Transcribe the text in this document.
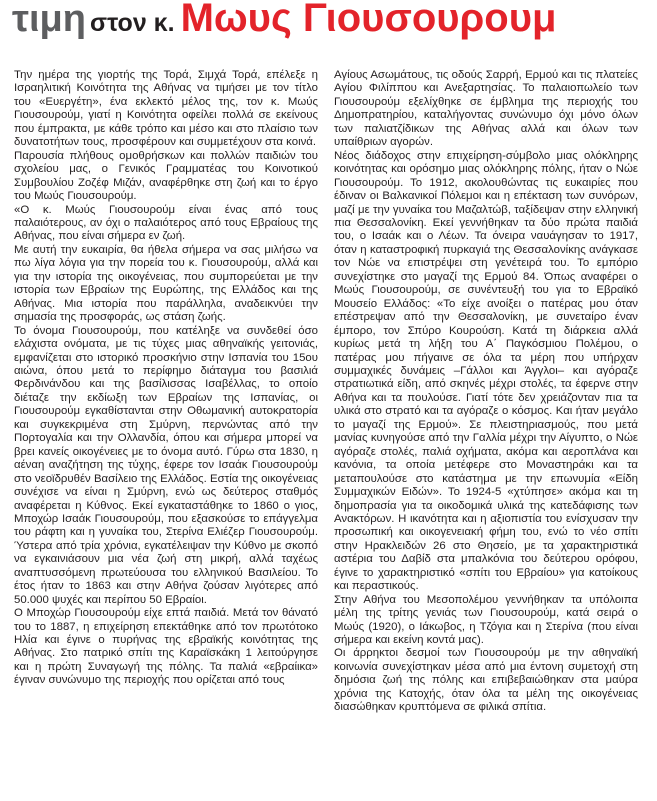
τιμη στον κ. Μωυς Γιουσουρουμ

Την ημέρα της γιορτής της Τορά, Σιμχά Τορά, επέλεξε η Ισραηλιτική Κοινότητα της Αθήνας να τιμήσει με τον τίτλο του «Ευεργέτη», ένα εκλεκτό μέλος της, τον κ. Μωύς Γιουσουρούμ, γιατί η Κοινότητα οφείλει πολλά σε εκείνους που έμπρακτα, με κάθε τρόπο και μέσο και στο πλαίσιο των δυνατοτήτων τους, προσφέρουν και συμμετέχουν στα κοινά.

Παρουσία πλήθους ομοθρήσκων και πολλών παιδιών του σχολείου μας, ο Γενικός Γραμματέας του Κοινοτικού Συμβουλίου Ζοζέφ Μιζάν, αναφέρθηκε στη ζωή και το έργο του Μωύς Γιουσουρούμ.

«Ο κ. Μωύς Γιουσουρούμ είναι ένας από τους παλαιότερους, αν όχι ο παλαιότερος από τους Εβραίους της Αθήνας, που είναι σήμερα εν ζωή.

Με αυτή την ευκαιρία, θα ήθελα σήμερα να σας μιλήσω να πω λίγα λόγια για την πορεία του κ. Γιουσουρούμ, αλλά και για την ιστορία της οικογένειας, που συμπορεύεται με την ιστορία των Εβραίων της Ευρώπης, της Ελλάδος και της Αθήνας. Μια ιστορία που παράλληλα, αναδεικνύει την σημασία της προσφοράς, ως στάση ζωής.

Το όνομα Γιουσουρούμ, που κατέληξε να συνδεθεί όσο ελάχιστα ονόματα, με τις τύχες μιας αθηναϊκής γειτονιάς, εμφανίζεται στο ιστορικό προσκήνιο στην Ισπανία του 15ου αιώνα, όπου μετά το περίφημο διάταγμα του βασιλιά Φερδινάνδου και της βασίλισσας Ισαβέλλας, το οποίο διέταζε την εκδίωξη των Εβραίων της Ισπανίας, οι Γιουσουρούμ εγκαθίστανται στην Οθωμανική αυτοκρατορία και συγκεκριμένα στη Σμύρνη, περνώντας από την Πορτογαλία και την Ολλανδία, όπου και σήμερα μπορεί να βρει κανείς οικογένειες με το όνομα αυτό. Γύρω στα 1830, η αέναη αναζήτηση της τύχης, έφερε τον Ισαάκ Γιουσουρούμ στο νεοϊδρυθέν Βασίλειο της Ελλάδος. Εστία της οικογένειας συνέχισε να είναι η Σμύρνη, ενώ ως δεύτερος σταθμός αναφέρεται η Κύθνος. Εκεί εγκαταστάθηκε το 1860 ο γιος, Μποχώρ Ισαάκ Γιουσουρούμ, που εξασκούσε το επάγγελμα του ράφτη και η γυναίκα του, Στερίνα Ελιέζερ Γιουσουρούμ. Ύστερα από τρία χρόνια, εγκατέλειψαν την Κύθνο με σκοπό να εγκαινιάσουν μια νέα ζωή στη μικρή, αλλά ταχέως αναπτυσσόμενη πρωτεύουσα του ελληνικού Βασιλείου. Το έτος ήταν το 1863 και στην Αθήνα ζούσαν λιγότερες από 50.000 ψυχές και περίπου 50 Εβραίοι.

Ο Μποχώρ Γιουσουρούμ είχε επτά παιδιά. Μετά τον θάνατό του το 1887, η επιχείρηση επεκτάθηκε από τον πρωτότοκο Ηλία και έγινε ο πυρήνας της εβραϊκής κοινότητας της Αθήνας. Στο πατρικό σπίτι της Καραϊσκάκη 1 λειτούργησε και η πρώτη Συναγωγή της πόλης. Τα παλιά «εβραίικα» έγιναν συνώνυμο της περιοχής που ορίζεται από τους

Αγίους Ασωμάτους, τις οδούς Σαρρή, Ερμού και τις πλατείες Αγίου Φιλίππου και Ανεξαρτησίας. Το παλαιοπωλείο των Γιουσουρούμ εξελίχθηκε σε έμβλημα της περιοχής του Δημοπρατηρίου, καταλήγοντας συνώνυμο όχι μόνο όλων των παλιατζίδικων της Αθήνας αλλά και όλων των υπαίθριων αγορών.

Νέος διάδοχος στην επιχείρηση-σύμβολο μιας ολόκληρης κοινότητας και ορόσημο μιας ολόκληρης πόλης, ήταν ο Νώε Γιουσουρούμ. Το 1912, ακολουθώντας τις ευκαιρίες που έδιναν οι Βαλκανικοί Πόλεμοι και η επέκταση των συνόρων, μαζί με την γυναίκα του Μαζαλτώβ, ταξίδεψαν στην ελληνική πια Θεσσαλονίκη. Εκεί γεννήθηκαν τα δύο πρώτα παιδιά του, ο Ισαάκ και ο Λέων. Τα όνειρα ναυάγησαν το 1917, όταν η καταστροφική πυρκαγιά της Θεσσαλονίκης ανάγκασε τον Νώε να επιστρέψει στη γενέτειρά του. Το εμπόριο συνεχίστηκε στο μαγαζί της Ερμού 84. Όπως αναφέρει ο Μωύς Γιουσουρούμ, σε συνέντευξή του για το Εβραϊκό Μουσείο Ελλάδος: «Το είχε ανοίξει ο πατέρας μου όταν επέστρεψαν από την Θεσσαλονίκη, με συνεταίρο έναν έμπορο, τον Σπύρο Κουρούση. Κατά τη διάρκεια αλλά κυρίως μετά τη λήξη του Α΄ Παγκόσμιου Πολέμου, ο πατέρας μου πήγαινε σε όλα τα μέρη που υπήρχαν συμμαχικές δυνάμεις –Γάλλοι και Άγγλοι– και αγόραζε στρατιωτικά είδη, από σκηνές μέχρι στολές, τα έφερνε στην Αθήνα και τα πουλούσε. Γιατί τότε δεν χρειάζονταν πια τα υλικά στο στρατό και τα αγόραζε ο κόσμος. Και ήταν μεγάλο το μαγαζί της Ερμού». Σε πλειστηριασμούς, που μετά μανίας κυνηγούσε από την Γαλλία μέχρι την Αίγυπτο, ο Νώε αγόραζε στολές, παλιά οχήματα, ακόμα και αεροπλάνα και κανόνια, τα οποία μετέφερε στο Μοναστηράκι και τα μεταπουλούσε στο κατάστημα με την επωνυμία «Είδη Συμμαχικών Ειδών». Το 1924-5 «χτύπησε» ακόμα και τη δημοπρασία για τα οικοδομικά υλικά της κατεδάφισης των Ανακτόρων. Η ικανότητα και η αξιοπιστία του ενίσχυσαν την προσωπική και οικογενειακή φήμη του, ενώ το νέο σπίτι στην Ηρακλειδών 26 στο Θησείο, με τα χαρακτηριστικά αστέρια του Δαβίδ στα μπαλκόνια του δεύτερου ορόφου, έγινε το χαρακτηριστικό «σπίτι του Εβραίου» για κατοίκους και περαστικούς.

Στην Αθήνα του Μεσοπολέμου γεννήθηκαν τα υπόλοιπα μέλη της τρίτης γενιάς των Γιουσουρούμ, κατά σειρά ο Μωύς (1920), ο Ιάκωβος, η Τζόγια και η Στερίνα (που είναι σήμερα και εκείνη κοντά μας).

Οι άρρηκτοι δεσμοί των Γιουσουρούμ με την αθηναϊκή κοινωνία συνεχίστηκαν μέσα από μια έντονη συμετοχή στη δημόσια ζωή της πόλης και επιβεβαιώθηκαν στα μαύρα χρόνια της Κατοχής, όταν όλα τα μέλη της οικογένειας διασώθηκαν κρυπτόμενα σε φιλικά σπίτια.
